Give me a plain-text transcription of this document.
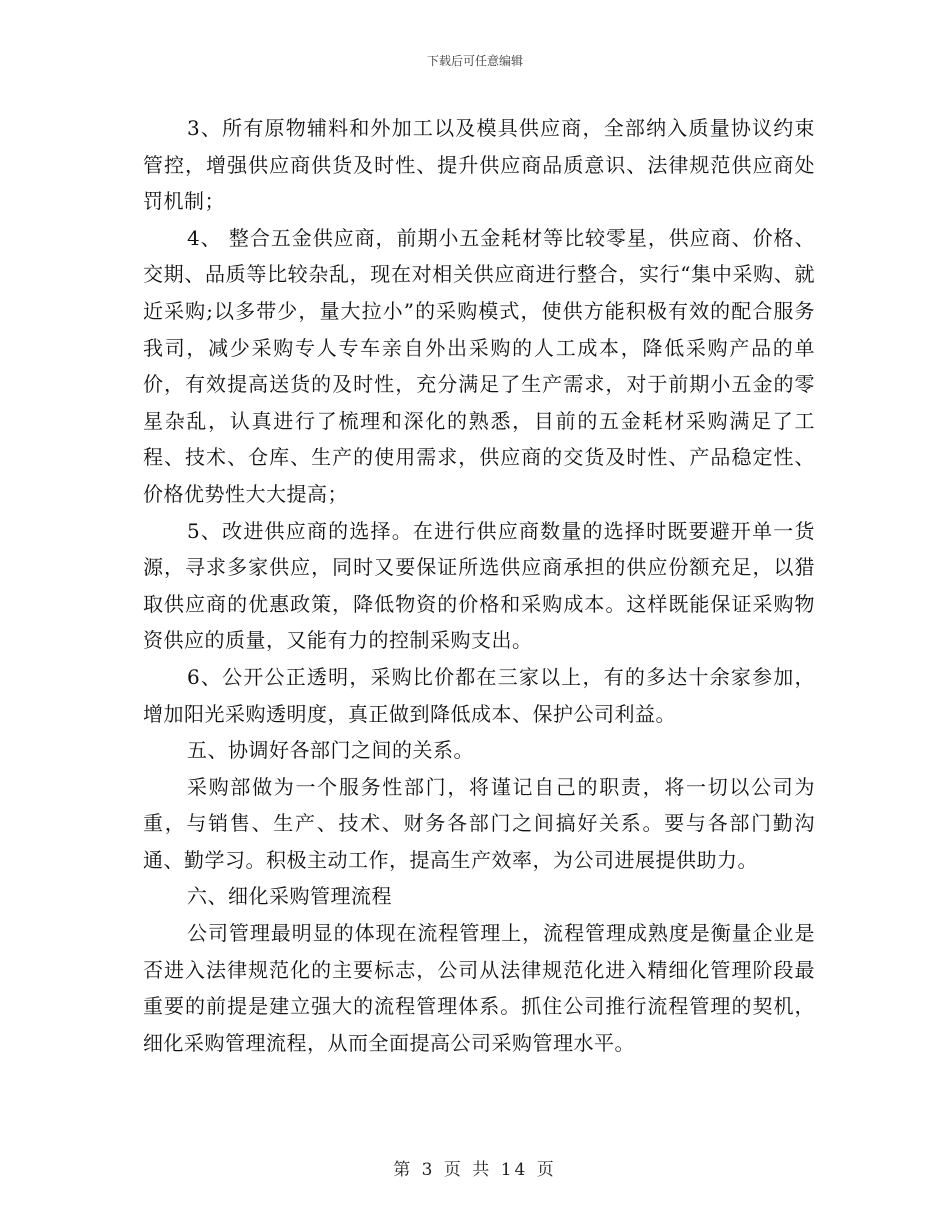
下载后可任意编辑

3、所有原物辅料和外加工以及模具供应商，全部纳入质量协议约束管控，增强供应商供货及时性、提升供应商品质意识、法律规范供应商处罚机制；

4、 整合五金供应商，前期小五金耗材等比较零星，供应商、价格、交期、品质等比较杂乱，现在对相关供应商进行整合，实行“集中采购、就近采购;以多带少，量大拉小”的采购模式，使供方能积极有效的配合服务我司，减少采购专人专车亲自外出采购的人工成本，降低采购产品的单价，有效提高送货的及时性，充分满足了生产需求，对于前期小五金的零星杂乱，认真进行了梳理和深化的熟悉，目前的五金耗材采购满足了工程、技术、仓库、生产的使用需求，供应商的交货及时性、产品稳定性、价格优势性大大提高；

5、改进供应商的选择。在进行供应商数量的选择时既要避开单一货源，寻求多家供应，同时又要保证所选供应商承担的供应份额充足，以猎取供应商的优惠政策，降低物资的价格和采购成本。这样既能保证采购物资供应的质量，又能有力的控制采购支出。

6、公开公正透明，采购比价都在三家以上，有的多达十余家参加，增加阳光采购透明度，真正做到降低成本、保护公司利益。

五、协调好各部门之间的关系。

采购部做为一个服务性部门，将谨记自己的职责，将一切以公司为重，与销售、生产、技术、财务各部门之间搞好关系。要与各部门勤沟通、勤学习。积极主动工作，提高生产效率，为公司进展提供助力。

六、细化采购管理流程

公司管理最明显的体现在流程管理上，流程管理成熟度是衡量企业是否进入法律规范化的主要标志，公司从法律规范化进入精细化管理阶段最重要的前提是建立强大的流程管理体系。抓住公司推行流程管理的契机，细化采购管理流程，从而全面提高公司采购管理水平。

第 3 页 共 14 页
